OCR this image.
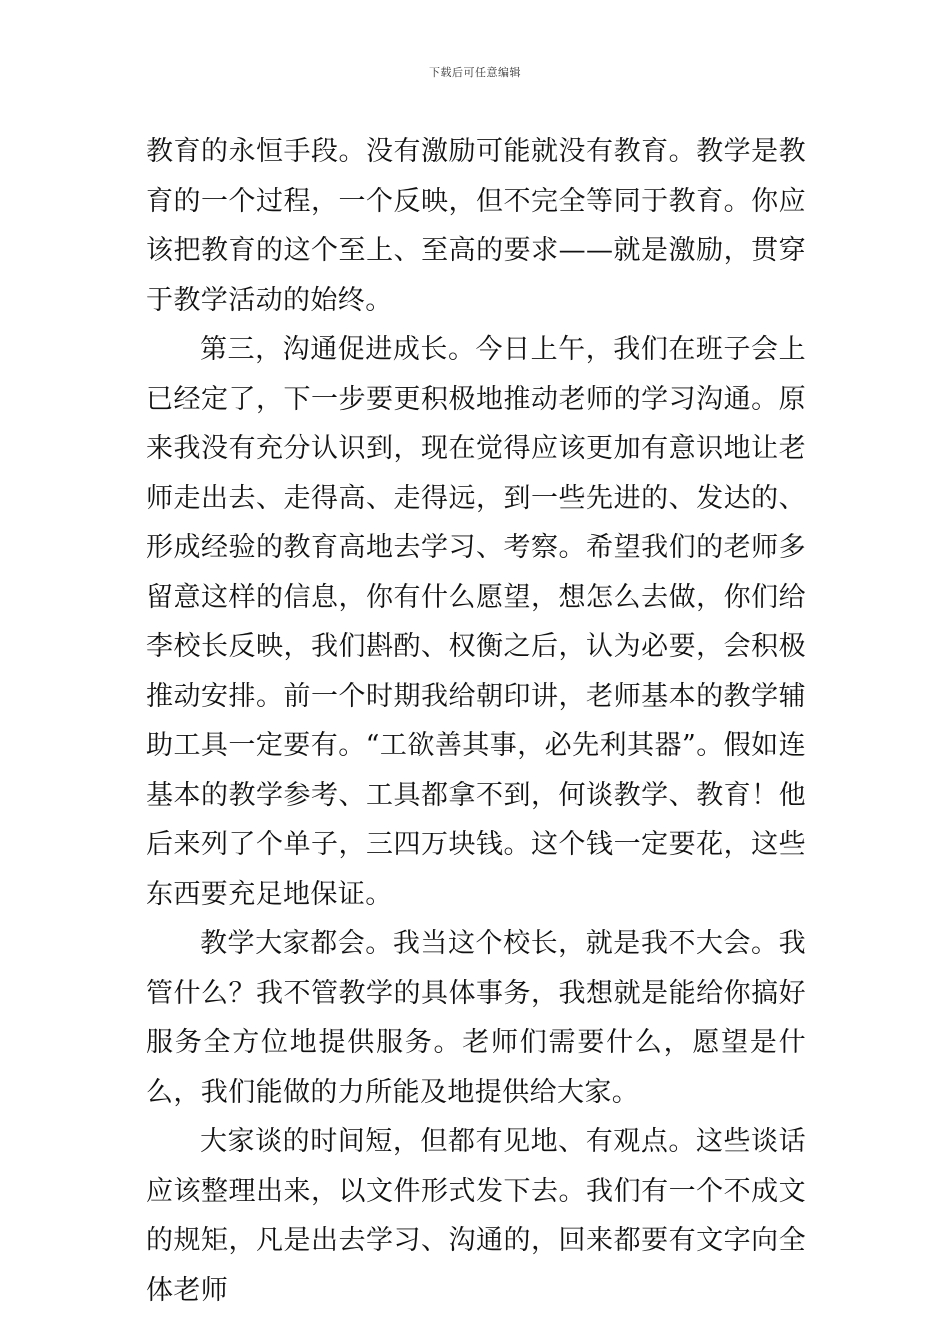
下载后可任意编辑

教育的永恒手段。没有激励可能就没有教育。教学是教育的一个过程，一个反映，但不完全等同于教育。你应该把教育的这个至上、至高的要求——就是激励，贯穿于教学活动的始终。

第三，沟通促进成长。今日上午，我们在班子会上已经定了，下一步要更积极地推动老师的学习沟通。原来我没有充分认识到，现在觉得应该更加有意识地让老师走出去、走得高、走得远，到一些先进的、发达的、形成经验的教育高地去学习、考察。希望我们的老师多留意这样的信息，你有什么愿望，想怎么去做，你们给李校长反映，我们斟酌、权衡之后，认为必要，会积极推动安排。前一个时期我给朝印讲，老师基本的教学辅助工具一定要有。“工欲善其事，必先利其器”。假如连基本的教学参考、工具都拿不到，何谈教学、教育！他后来列了个单子，三四万块钱。这个钱一定要花，这些东西要充足地保证。

教学大家都会。我当这个校长，就是我不大会。我管什么？我不管教学的具体事务，我想就是能给你搞好服务全方位地提供服务。老师们需要什么，愿望是什么，我们能做的力所能及地提供给大家。

大家谈的时间短，但都有见地、有观点。这些谈话应该整理出来，以文件形式发下去。我们有一个不成文的规矩，凡是出去学习、沟通的，回来都要有文字向全体老师
